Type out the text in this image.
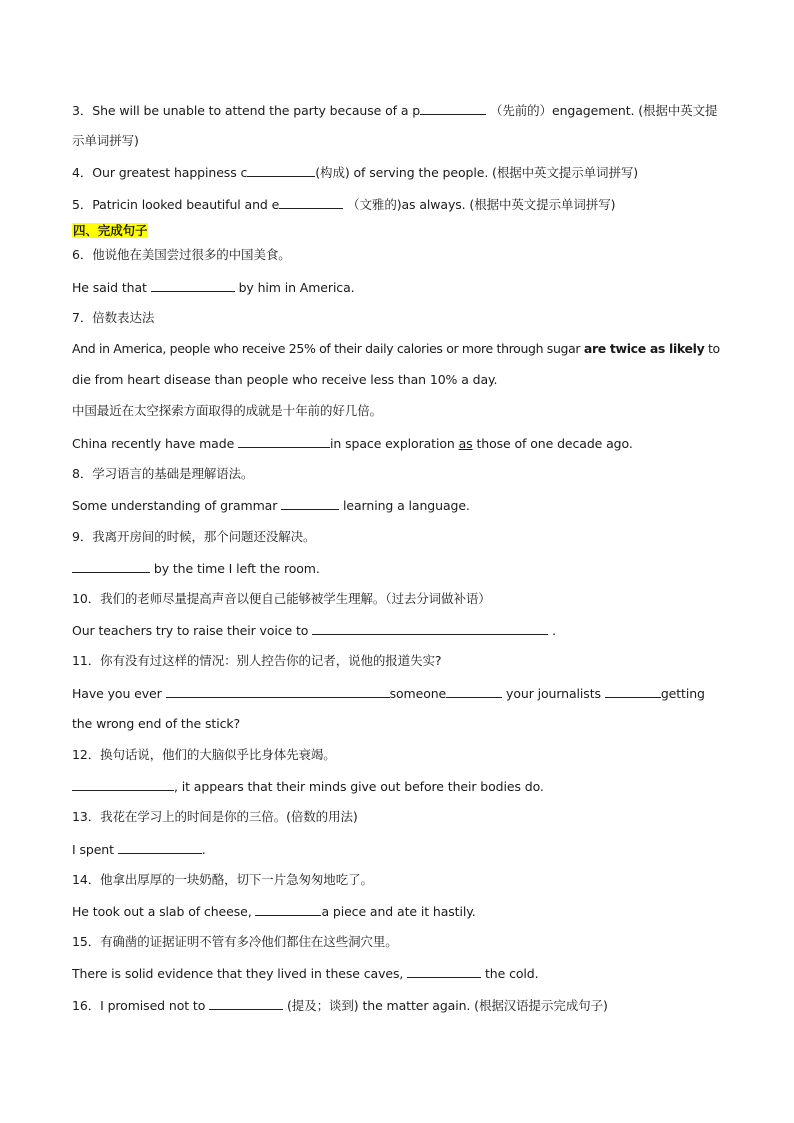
3．She will be unable to attend the party because of a p	（先前的）engagement. (根据中英文提
示单词拼写)
4．Our greatest happiness c	(构成) of serving the people. (根据中英文提示单词拼写)
5．Patricin looked beautiful and e	（文雅的)as always. (根据中英文提示单词拼写)
四、完成句子
6．他说他在美国尝过很多的中国美食。
He said that	by him in America.
7．倍数表达法
And in America, people who receive 25% of their daily calories or more through sugar are twice as likely to
die from heart disease than people who receive less than 10% a day.
中国最近在太空探索方面取得的成就是十年前的好几倍。
China recently have made	in space exploration as those of one decade ago.
8．学习语言的基础是理解语法。
Some understanding of grammar	learning a language.
9．我离开房间的时候，那个问题还没解决。
by the time I left the room.
10．我们的老师尽量提高声音以便自己能够被学生理解。（过去分词做补语）
Our teachers try to raise their voice to	.
11．你有没有过这样的情况：别人控告你的记者，说他的报道失实?
Have you ever	someone	your journalists	getting
the wrong end of the stick?
12．换句话说，他们的大脑似乎比身体先衰竭。
, it appears that their minds give out before their bodies do.
13．我花在学习上的时间是你的三倍。(倍数的用法)
I spent	.
14．他拿出厚厚的一块奶酪，切下一片急匆匆地吃了。
He took out a slab of cheese,	a piece and ate it hastily.
15．有确凿的证据证明不管有多冷他们都住在这些洞穴里。
There is solid evidence that they lived in these caves,	the cold.
16．I promised not to	(提及；谈到) the matter again. (根据汉语提示完成句子)
